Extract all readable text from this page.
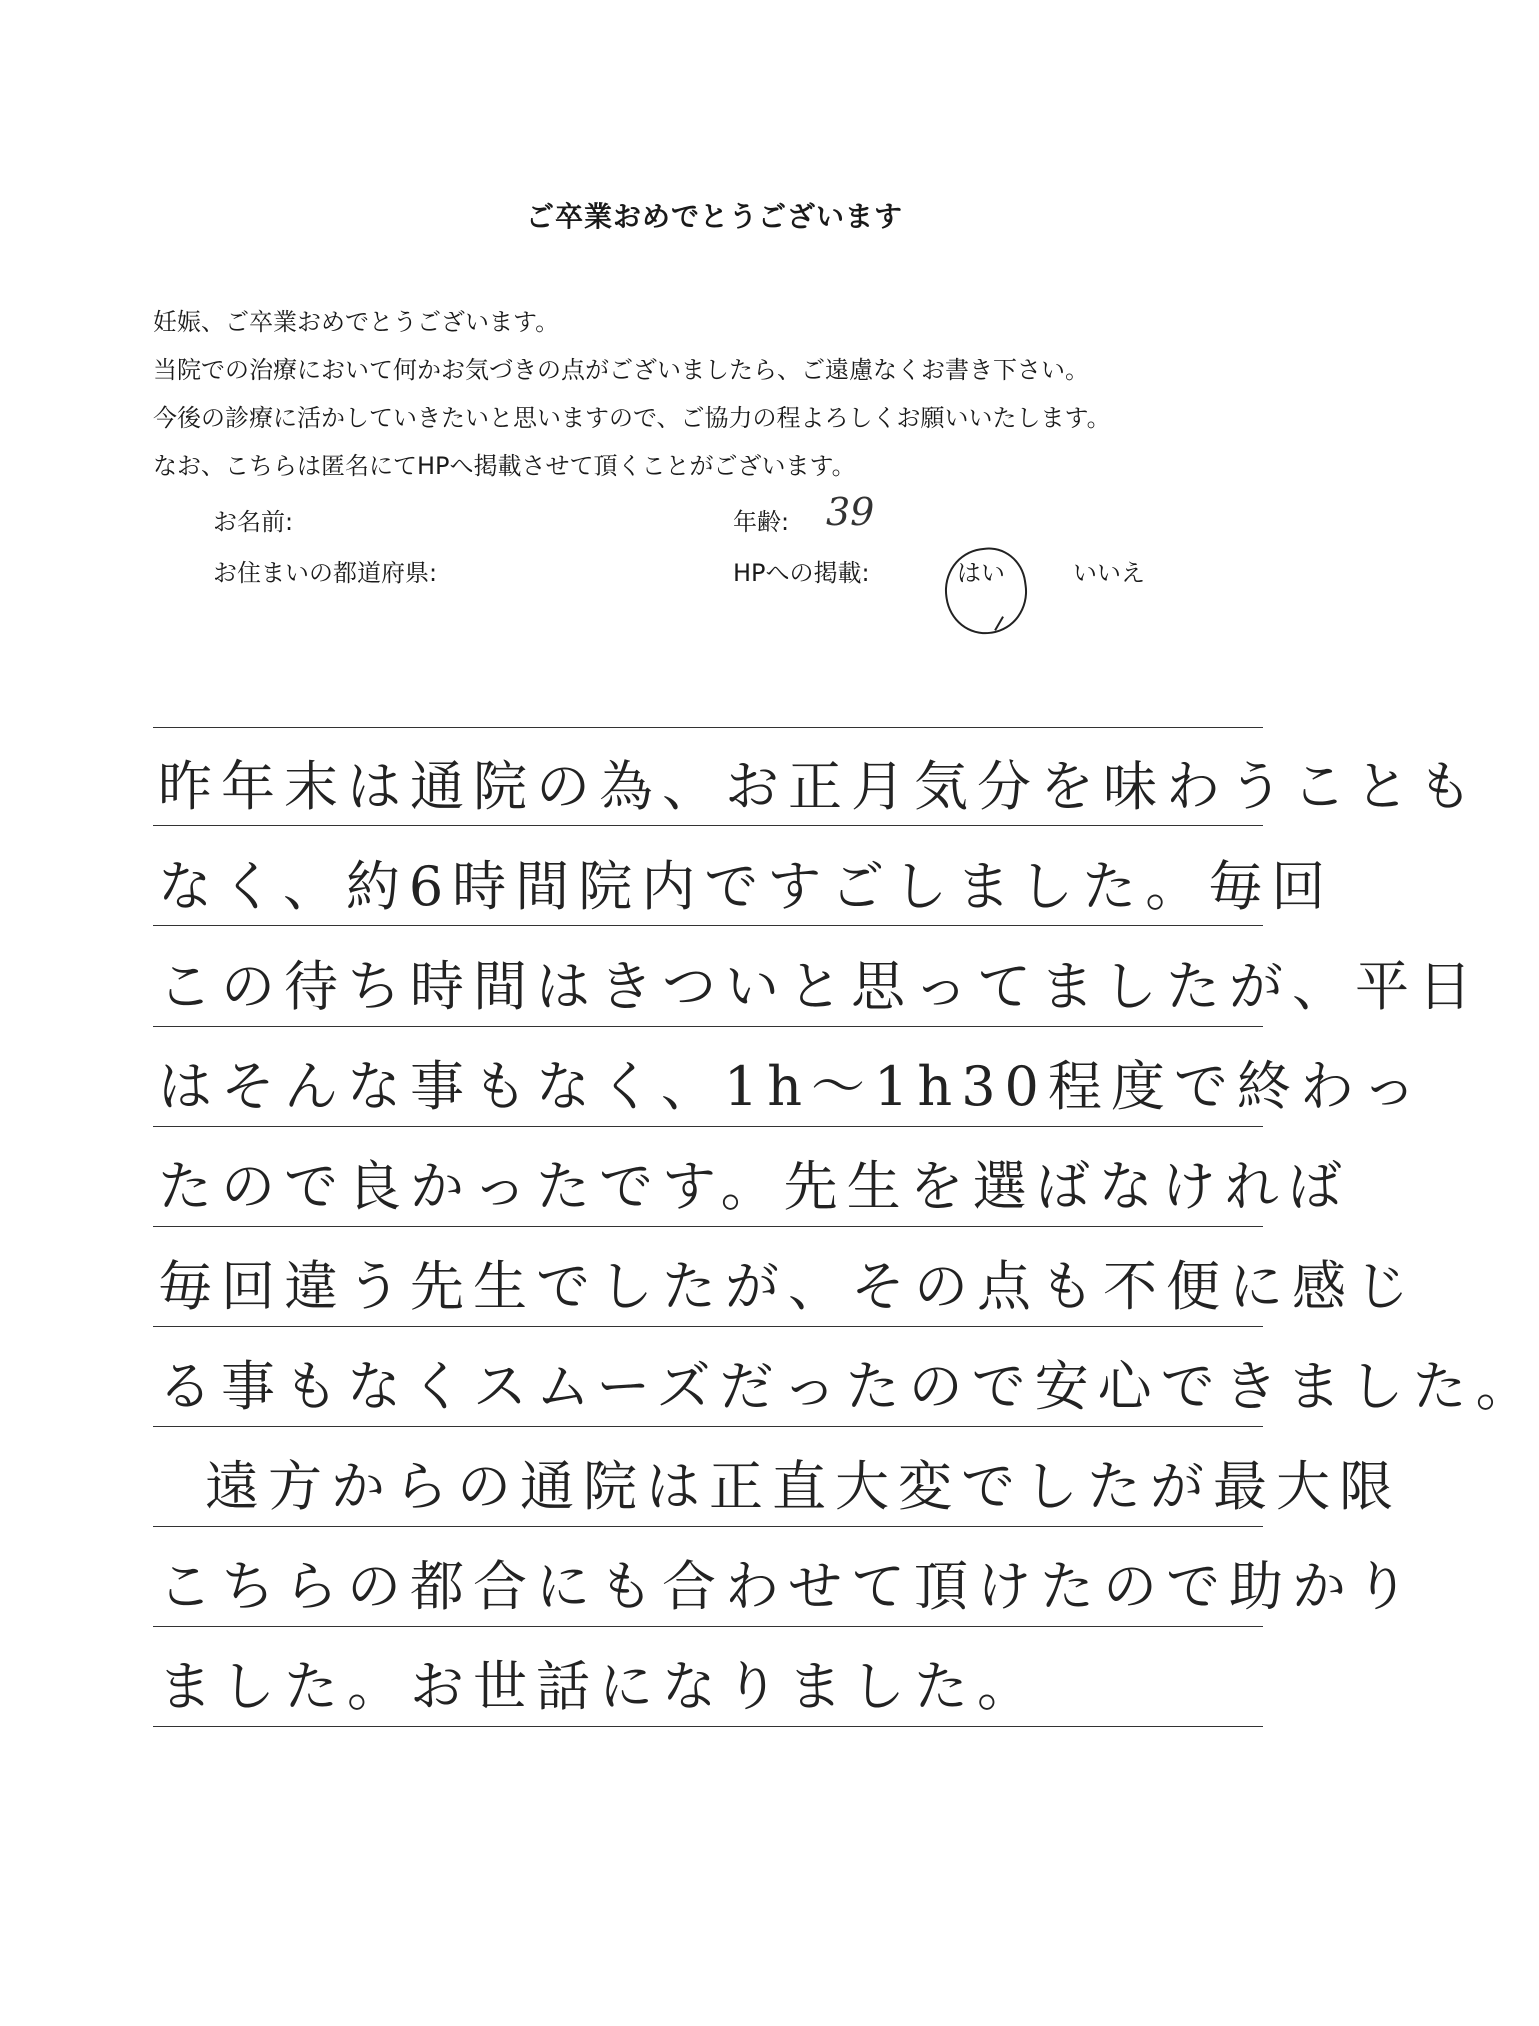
ご卒業おめでとうございます
妊娠、ご卒業おめでとうございます。
当院での治療において何かお気づきの点がございましたら、ご遠慮なくお書き下さい。
今後の診療に活かしていきたいと思いますので、ご協力の程よろしくお願いいたします。
なお、こちらは匿名にてHPへ掲載させて頂くことがございます。
お名前:
お住まいの都道府県:
年齢: 39
HPへの掲載:	はい	いいえ
昨年末は通院の為、お正月気分を味わうことも
なく、約6時間院内ですごしました。毎回
この待ち時間はきついと思ってましたが、平日
はそんな事もなく、1h～1h30程度で終わっ
たので良かったです。先生を選ばなければ
毎回違う先生でしたが、その点も不便に感じ
る事もなくスムーズだったので安心できました。
遠方からの通院は正直大変でしたが最大限
こちらの都合にも合わせて頂けたので助かり
ました。お世話になりました。
